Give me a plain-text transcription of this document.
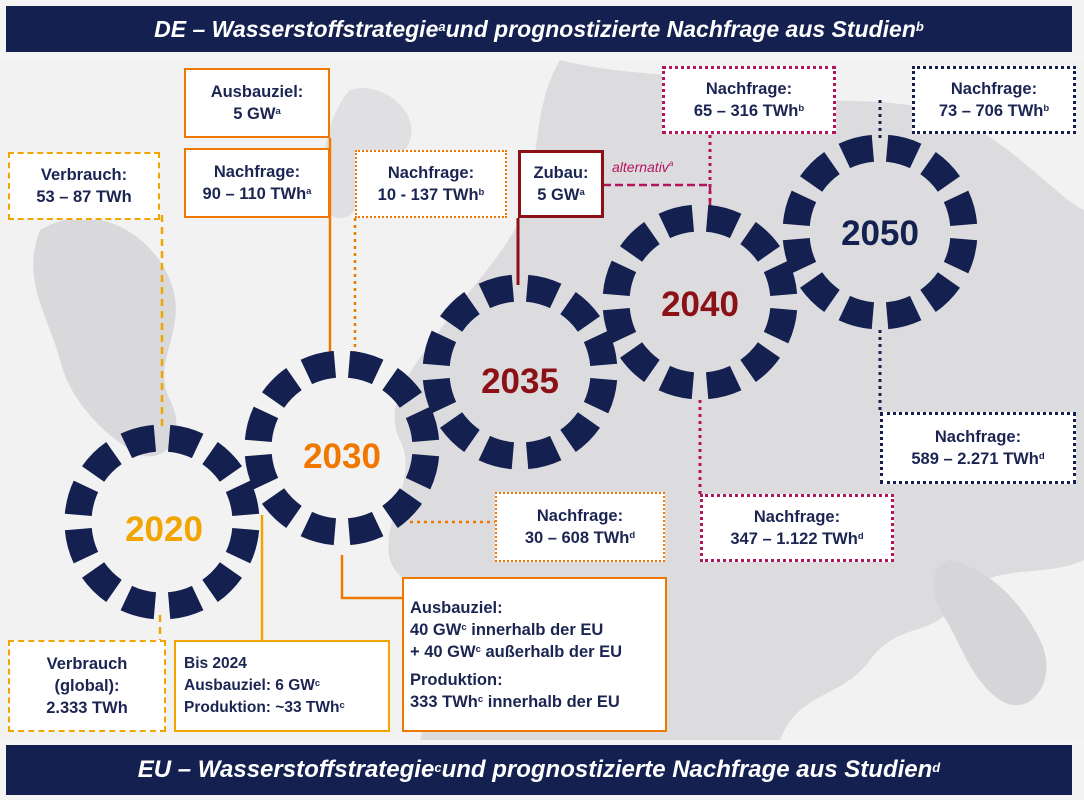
DE – Wasserstoffstrategie$^a$ und prognostizierte Nachfrage aus Studien$^b$
2020
2030
2035
2040
2050
alternativ$^a$
Verbrauch:
53 – 87 TWh
Ausbauziel:
5 $GW^a$
Nachfrage:
90 – 110 TWh$^a$
Nachfrage:
10 - 137 TWh$^b$
Zubau:
5 $GW^a$
Nachfrage:
65 – 316 TWh$^b$
Nachfrage:
73 – 706 TWh$^b$
Verbrauch
(global):
2.333 TWh
Bis 2024
Ausbauziel: 6 $GW^c$
Produktion: ~33 TWh$^c$
Nachfrage:
30 – 608 TWh$^d$
Ausbauziel:
40 $GW^c$ innerhalb der EU
+ 40 $GW^c$ außerhalb der EU
Produktion:
333 TWh$^c$ innerhalb der EU
Nachfrage:
347 – 1.122 TWh$^d$
Nachfrage:
589 – 2.271 TWh$^d$
EU – Wasserstoffstrategie$^c$ und prognostizierte Nachfrage aus Studien$^d$
